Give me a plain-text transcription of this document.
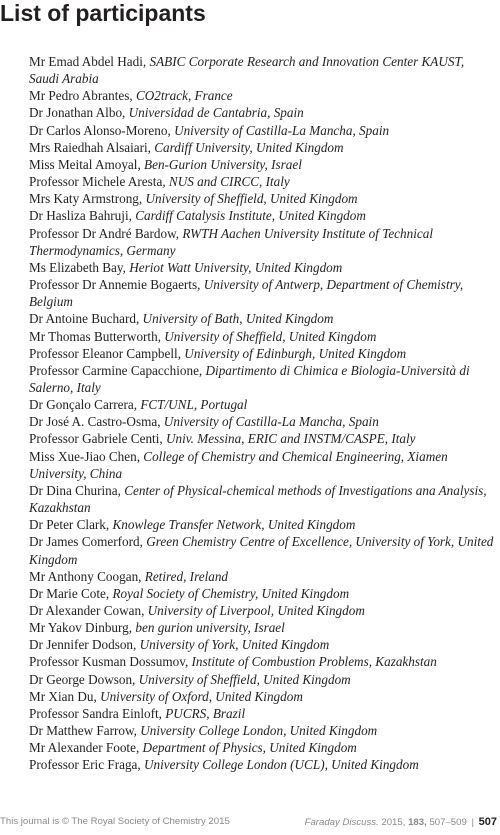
List of participants
Mr Emad Abdel Hadi, SABIC Corporate Research and Innovation Center KAUST, Saudi Arabia
Mr Pedro Abrantes, CO2track, France
Dr Jonathan Albo, Universidad de Cantabria, Spain
Dr Carlos Alonso-Moreno, University of Castilla-La Mancha, Spain
Mrs Raiedhah Alsaiari, Cardiff University, United Kingdom
Miss Meital Amoyal, Ben-Gurion University, Israel
Professor Michele Aresta, NUS and CIRCC, Italy
Mrs Katy Armstrong, University of Sheffield, United Kingdom
Dr Hasliza Bahruji, Cardiff Catalysis Institute, United Kingdom
Professor Dr André Bardow, RWTH Aachen University Institute of Technical Thermodynamics, Germany
Ms Elizabeth Bay, Heriot Watt University, United Kingdom
Professor Dr Annemie Bogaerts, University of Antwerp, Department of Chemistry, Belgium
Dr Antoine Buchard, University of Bath, United Kingdom
Mr Thomas Butterworth, University of Sheffield, United Kingdom
Professor Eleanor Campbell, University of Edinburgh, United Kingdom
Professor Carmine Capacchione, Dipartimento di Chimica e Biologia-Università di Salerno, Italy
Dr Gonçalo Carrera, FCT/UNL, Portugal
Dr José A. Castro-Osma, University of Castilla-La Mancha, Spain
Professor Gabriele Centi, Univ. Messina, ERIC and INSTM/CASPE, Italy
Miss Xue-Jiao Chen, College of Chemistry and Chemical Engineering, Xiamen University, China
Dr Dina Churina, Center of Physical-chemical methods of Investigations ana Analysis, Kazakhstan
Dr Peter Clark, Knowlege Transfer Network, United Kingdom
Dr James Comerford, Green Chemistry Centre of Excellence, University of York, United Kingdom
Mr Anthony Coogan, Retired, Ireland
Dr Marie Cote, Royal Society of Chemistry, United Kingdom
Dr Alexander Cowan, University of Liverpool, United Kingdom
Mr Yakov Dinburg, ben gurion university, Israel
Dr Jennifer Dodson, University of York, United Kingdom
Professor Kusman Dossumov, Institute of Combustion Problems, Kazakhstan
Dr George Dowson, University of Sheffield, United Kingdom
Mr Xian Du, University of Oxford, United Kingdom
Professor Sandra Einloft, PUCRS, Brazil
Dr Matthew Farrow, University College London, United Kingdom
Mr Alexander Foote, Department of Physics, United Kingdom
Professor Eric Fraga, University College London (UCL), United Kingdom
This journal is © The Royal Society of Chemistry 2015	Faraday Discuss. 2015, 183, 507–509 | 507
